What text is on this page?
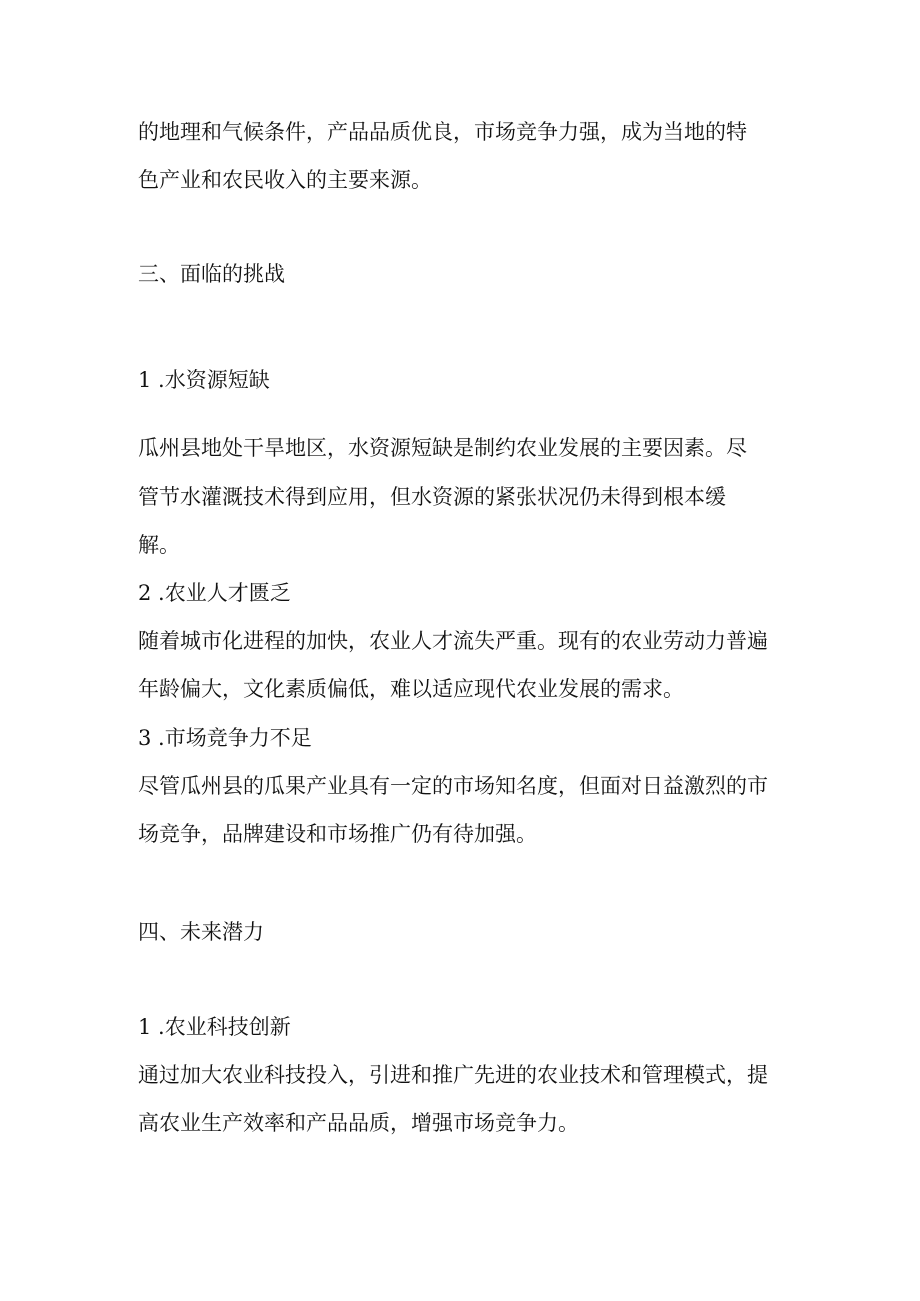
的地理和气候条件，产品品质优良，市场竞争力强，成为当地的特

色产业和农民收入的主要来源。

三、面临的挑战
1 .水资源短缺

瓜州县地处干旱地区，水资源短缺是制约农业发展的主要因素。尽

管节水灌溉技术得到应用，但水资源的紧张状况仍未得到根本缓

解。

2 .农业人才匮乏

随着城市化进程的加快，农业人才流失严重。现有的农业劳动力普遍

年龄偏大，文化素质偏低，难以适应现代农业发展的需求。

3 .市场竞争力不足

尽管瓜州县的瓜果产业具有一定的市场知名度，但面对日益激烈的市

场竞争，品牌建设和市场推广仍有待加强。

四、未来潜力
1 .农业科技创新

通过加大农业科技投入，引进和推广先进的农业技术和管理模式，提

高农业生产效率和产品品质，增强市场竞争力。
